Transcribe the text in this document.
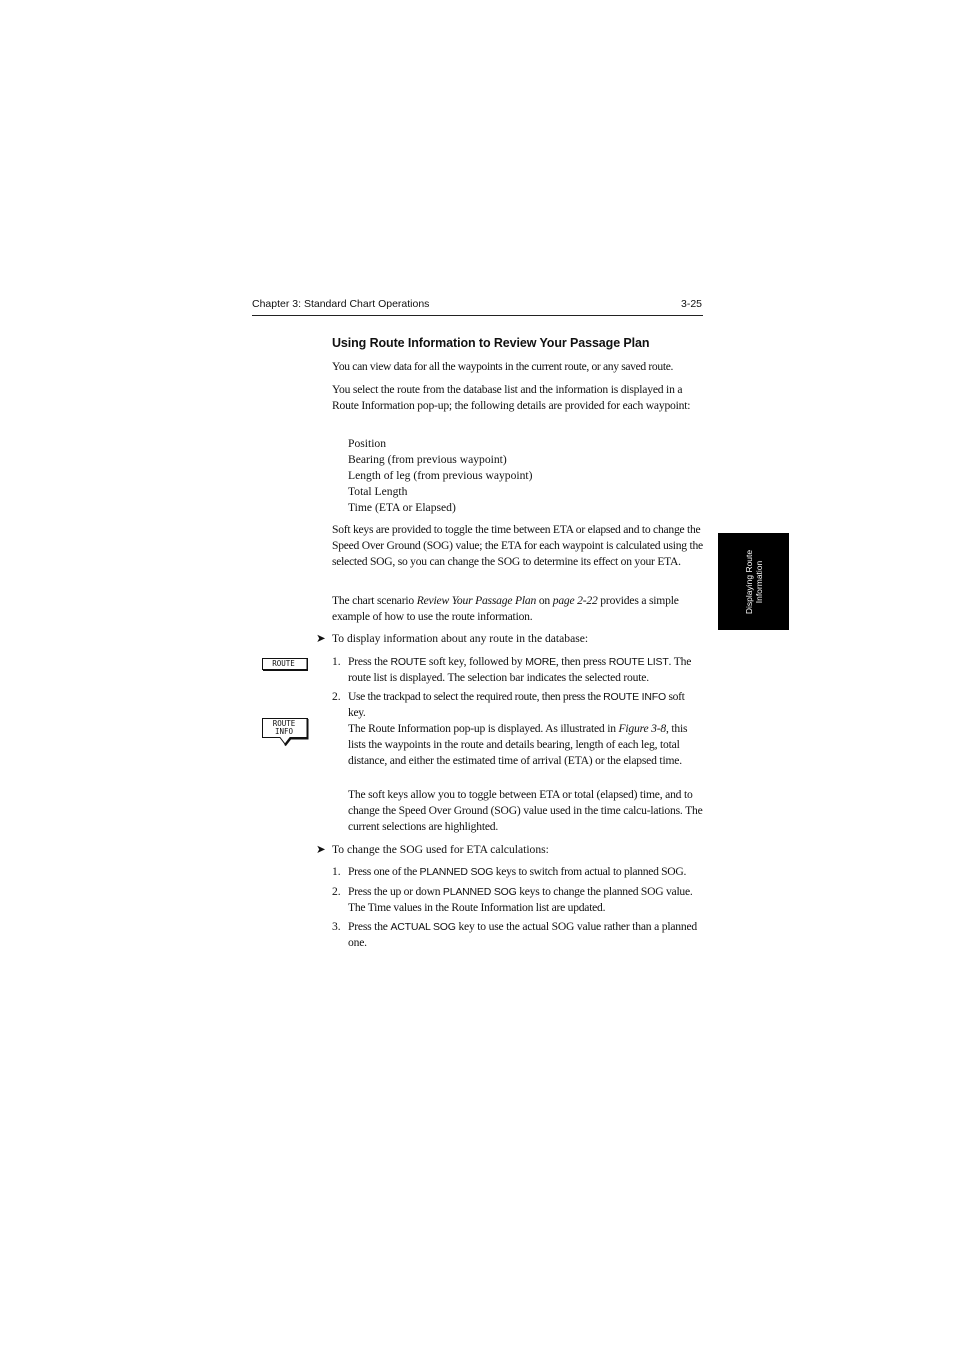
Chapter 3: Standard Chart Operations	3-25
Displaying Route Information
Using Route Information to Review Your Passage Plan
You can view data for all the waypoints in the current route, or any saved route.
You select the route from the database list and the information is displayed in a Route Information pop-up; the following details are provided for each waypoint:
Position
Bearing (from previous waypoint)
Length of leg (from previous waypoint)
Total Length
Time (ETA or Elapsed)
Soft keys are provided to toggle the time between ETA or elapsed and to change the Speed Over Ground (SOG) value; the ETA for each waypoint is calculated using the selected SOG, so you can change the SOG to determine its effect on your ETA.
The chart scenario Review Your Passage Plan on page 2-22 provides a simple example of how to use the route information.
➤ To display information about any route in the database:
ROUTE	1. Press the ROUTE soft key, followed by MORE, then press ROUTE LIST. The route list is displayed. The selection bar indicates the selected route.
ROUTE
INFO
2. Use the trackpad to select the required route, then press the ROUTE INFO soft key.
The Route Information pop-up is displayed. As illustrated in Figure 3-8, this lists the waypoints in the route and details bearing, length of each leg, total distance, and either the estimated time of arrival (ETA) or the elapsed time.
The soft keys allow you to toggle between ETA or total (elapsed) time, and to change the Speed Over Ground (SOG) value used in the time calcu-lations. The current selections are highlighted.
➤ To change the SOG used for ETA calculations:
1. Press one of the PLANNED SOG keys to switch from actual to planned SOG.
2. Press the up or down PLANNED SOG keys to change the planned SOG value. The Time values in the Route Information list are updated.
3. Press the ACTUAL SOG key to use the actual SOG value rather than a planned one.
